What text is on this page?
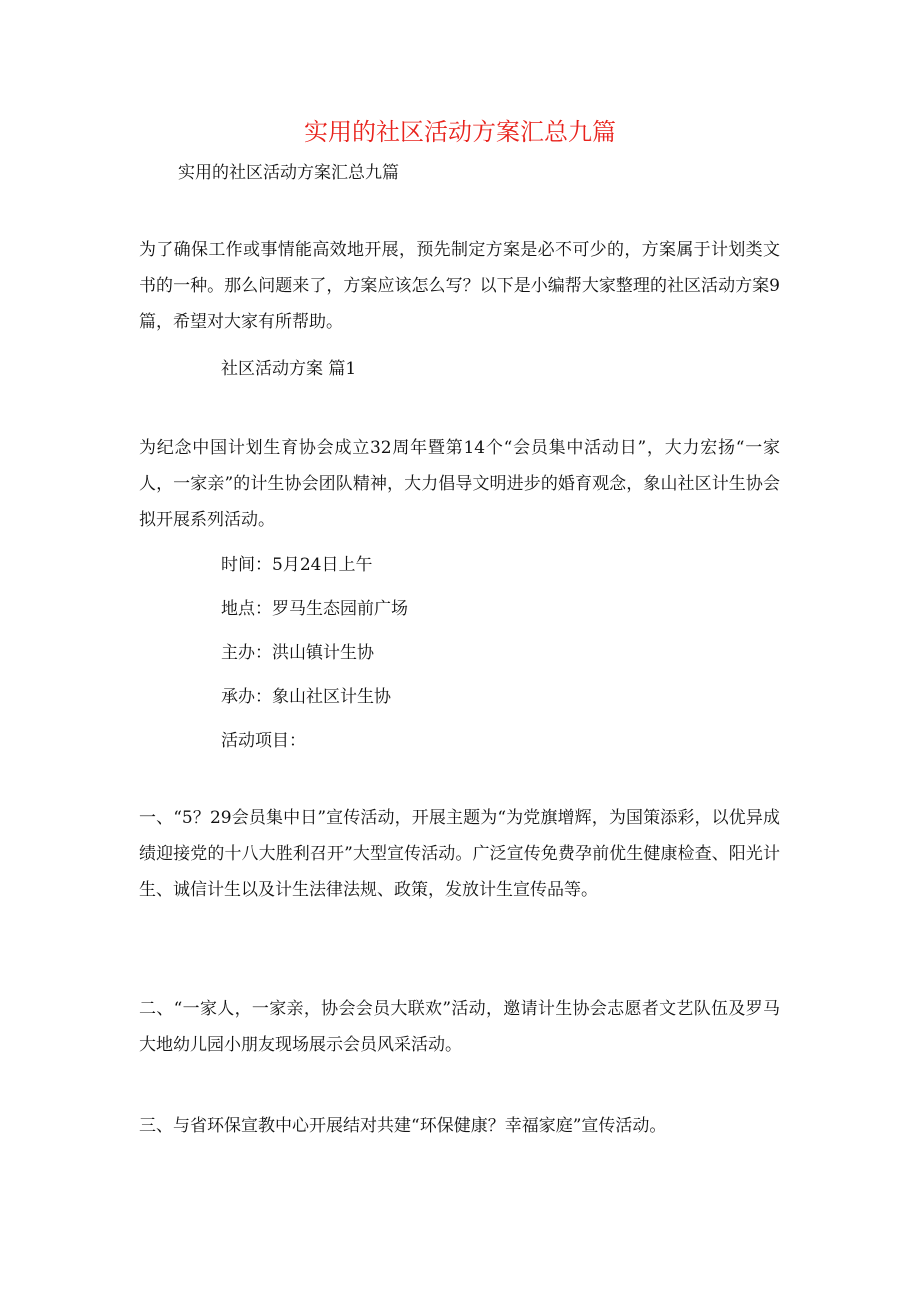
实用的社区活动方案汇总九篇
实用的社区活动方案汇总九篇
为了确保工作或事情能高效地开展，预先制定方案是必不可少的，方案属于计划类文书的一种。那么问题来了，方案应该怎么写？以下是小编帮大家整理的社区活动方案9篇，希望对大家有所帮助。
社区活动方案 篇1
为纪念中国计划生育协会成立32周年暨第14个“会员集中活动日”，大力宏扬“一家人，一家亲”的计生协会团队精神，大力倡导文明进步的婚育观念，象山社区计生协会拟开展系列活动。
时间：5月24日上午
地点：罗马生态园前广场
主办：洪山镇计生协
承办：象山社区计生协
活动项目：
一、“5？29会员集中日”宣传活动，开展主题为“为党旗增辉，为国策添彩，以优异成绩迎接党的十八大胜利召开”大型宣传活动。广泛宣传免费孕前优生健康检查、阳光计生、诚信计生以及计生法律法规、政策，发放计生宣传品等。
二、“一家人，一家亲，协会会员大联欢”活动，邀请计生协会志愿者文艺队伍及罗马大地幼儿园小朋友现场展示会员风采活动。
三、与省环保宣教中心开展结对共建“环保健康？幸福家庭”宣传活动。
